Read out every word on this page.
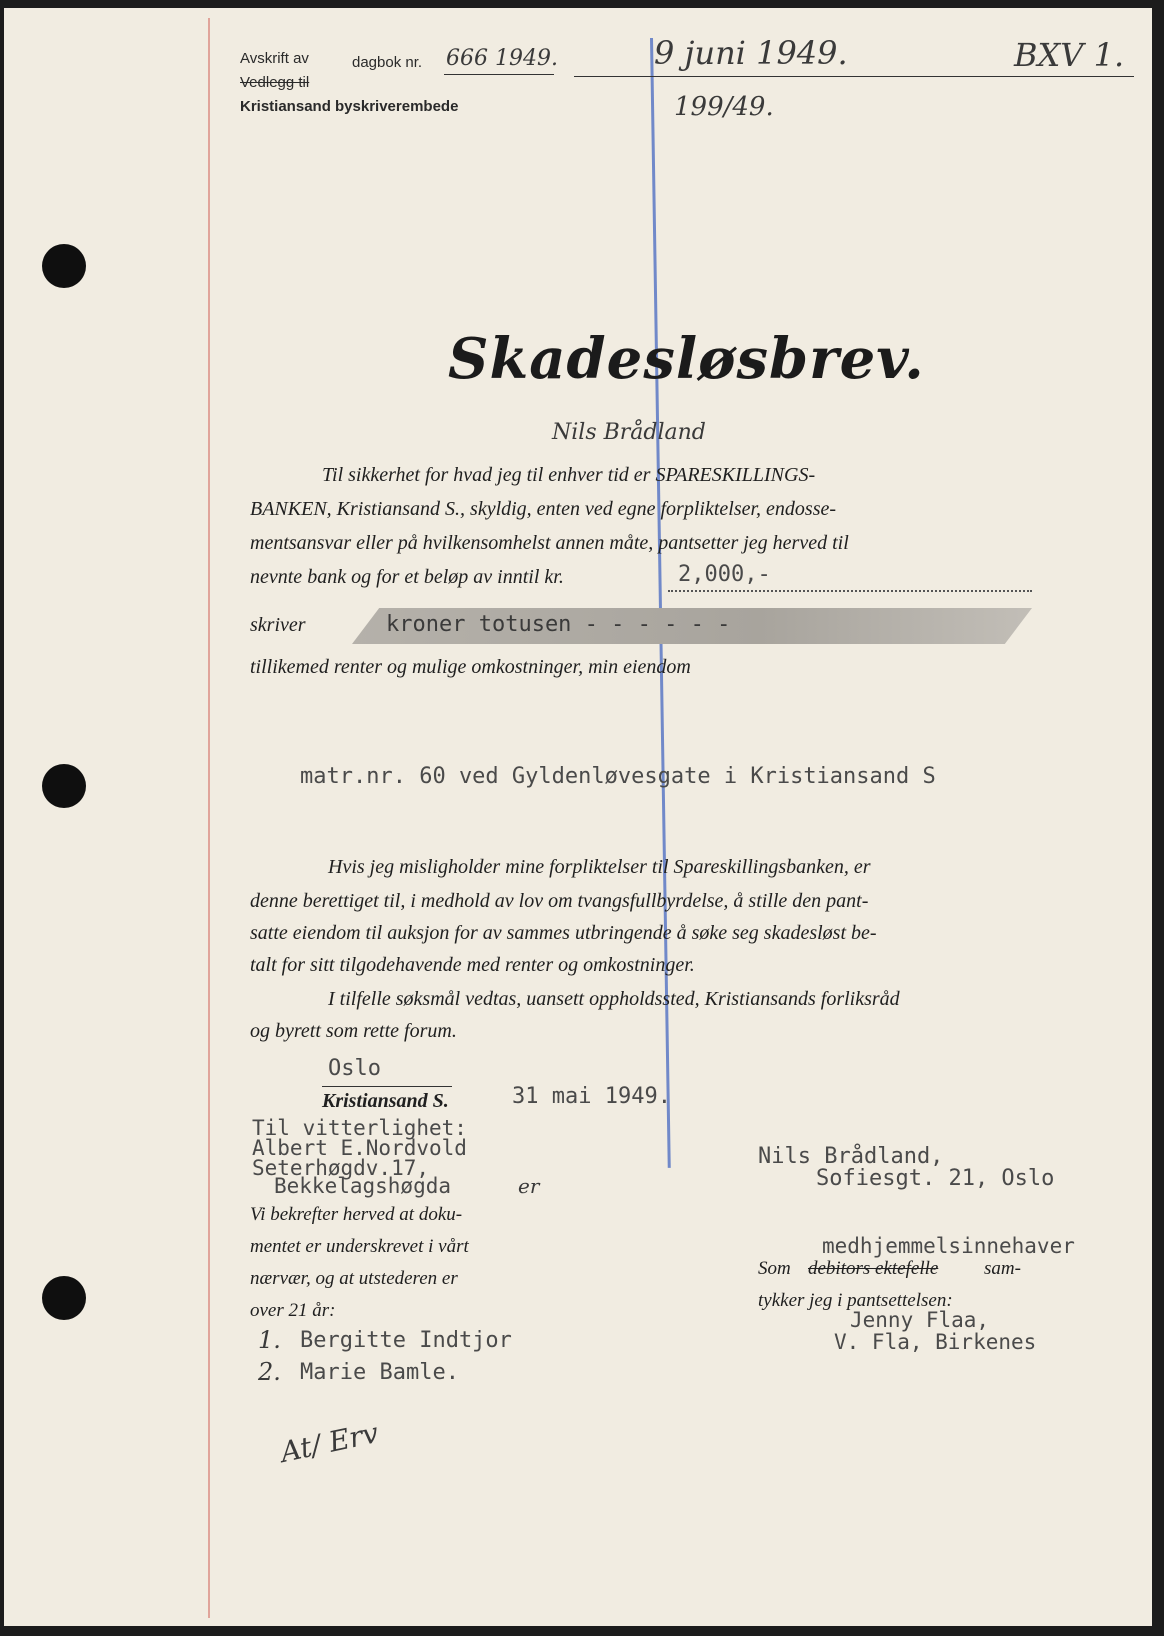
Avskrift av	dagbok nr. 666 1949.
Vedlegg til
Kristiansand byskriverembede
9 juni 1949.	BXV 1.
199/49.
Skadesløsbrev.
Nils Brådland
Til sikkerhet for hvad jeg til enhver tid er SPARESKILLINGS-
BANKEN, Kristiansand S., skyldig, enten ved egne forpliktelser, endosse-
mentsansvar eller på hvilkensomhelst annen måte, pantsetter jeg herved til
nevnte bank og for et beløp av inntil kr.	2,000,-
skriver	kroner totusen - - - - - -
tillikemed renter og mulige omkostninger, min eiendom
matr.nr. 60 ved Gyldenløvesgate i Kristiansand S
Hvis jeg misligholder mine forpliktelser til Spareskillingsbanken, er
denne berettiget til, i medhold av lov om tvangsfullbyrdelse, å stille den pant-
satte eiendom til auksjon for av sammes utbringende å søke seg skadesløst be-
talt for sitt tilgodehavende med renter og omkostninger.
I tilfelle søksmål vedtas, uansett oppholdssted, Kristiansands forliksråd
og byrett som rette forum.
Oslo
Kristiansand S.	31 mai 1949.
Til vitterlighet:
Albert E.Nordvold
Seterhøgdv.17,
Bekkelagshøgda	er
Vi bekrefter herved at doku-
mentet er underskrevet i vårt
nærvær, og at utstederen er
over 21 år:
1. Bergitte Indtjor
2. Marie Bamle.
Nils Brådland,
Sofiesgt. 21, Oslo
medhjemmelsinnehaver
Som debitors ektefelle sam-
tykker jeg i pantsettelsen:
Jenny Flaa,
V. Fla, Birkenes
At/ Erv
